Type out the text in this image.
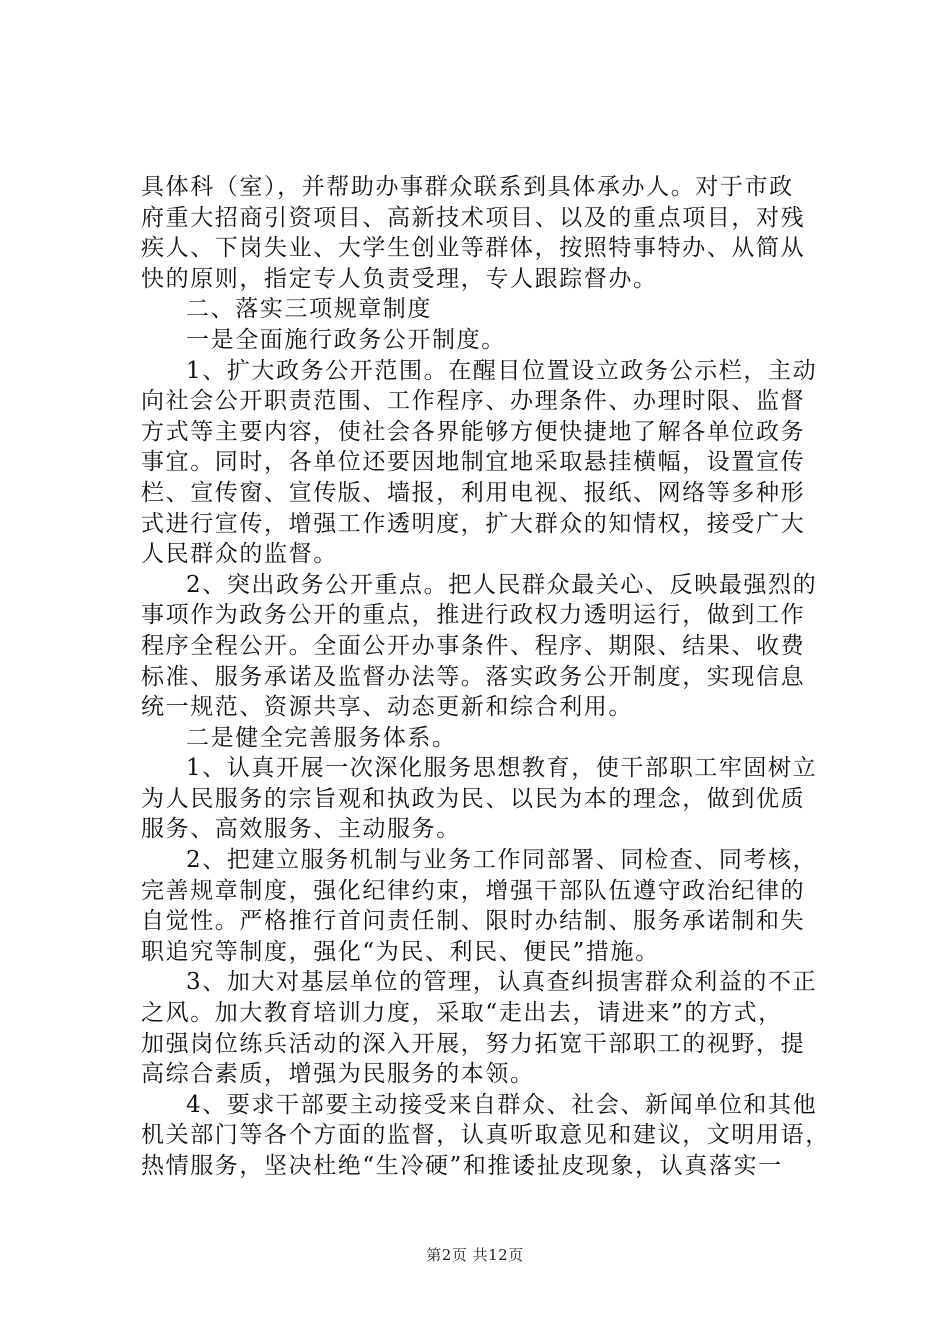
具体科（室），并帮助办事群众联系到具体承办人。对于市政
府重大招商引资项目、高新技术项目、以及的重点项目，对残
疾人、下岗失业、大学生创业等群体，按照特事特办、从简从
快的原则，指定专人负责受理，专人跟踪督办。
二、落实三项规章制度
一是全面施行政务公开制度。
1、扩大政务公开范围。在醒目位置设立政务公示栏，主动
向社会公开职责范围、工作程序、办理条件、办理时限、监督
方式等主要内容，使社会各界能够方便快捷地了解各单位政务
事宜。同时，各单位还要因地制宜地采取悬挂横幅，设置宣传
栏、宣传窗、宣传版、墙报，利用电视、报纸、网络等多种形
式进行宣传，增强工作透明度，扩大群众的知情权，接受广大
人民群众的监督。
2、突出政务公开重点。把人民群众最关心、反映最强烈的
事项作为政务公开的重点，推进行政权力透明运行，做到工作
程序全程公开。全面公开办事条件、程序、期限、结果、收费
标准、服务承诺及监督办法等。落实政务公开制度，实现信息
统一规范、资源共享、动态更新和综合利用。
二是健全完善服务体系。
1、认真开展一次深化服务思想教育，使干部职工牢固树立
为人民服务的宗旨观和执政为民、以民为本的理念，做到优质
服务、高效服务、主动服务。
2、把建立服务机制与业务工作同部署、同检查、同考核，
完善规章制度，强化纪律约束，增强干部队伍遵守政治纪律的
自觉性。严格推行首问责任制、限时办结制、服务承诺制和失
职追究等制度，强化“为民、利民、便民”措施。
3、加大对基层单位的管理，认真查纠损害群众利益的不正
之风。加大教育培训力度，采取“走出去，请进来”的方式，
加强岗位练兵活动的深入开展，努力拓宽干部职工的视野，提
高综合素质，增强为民服务的本领。
4、要求干部要主动接受来自群众、社会、新闻单位和其他
机关部门等各个方面的监督，认真听取意见和建议，文明用语，
热情服务，坚决杜绝“生冷硬”和推诿扯皮现象，认真落实一
第2页 共12页
